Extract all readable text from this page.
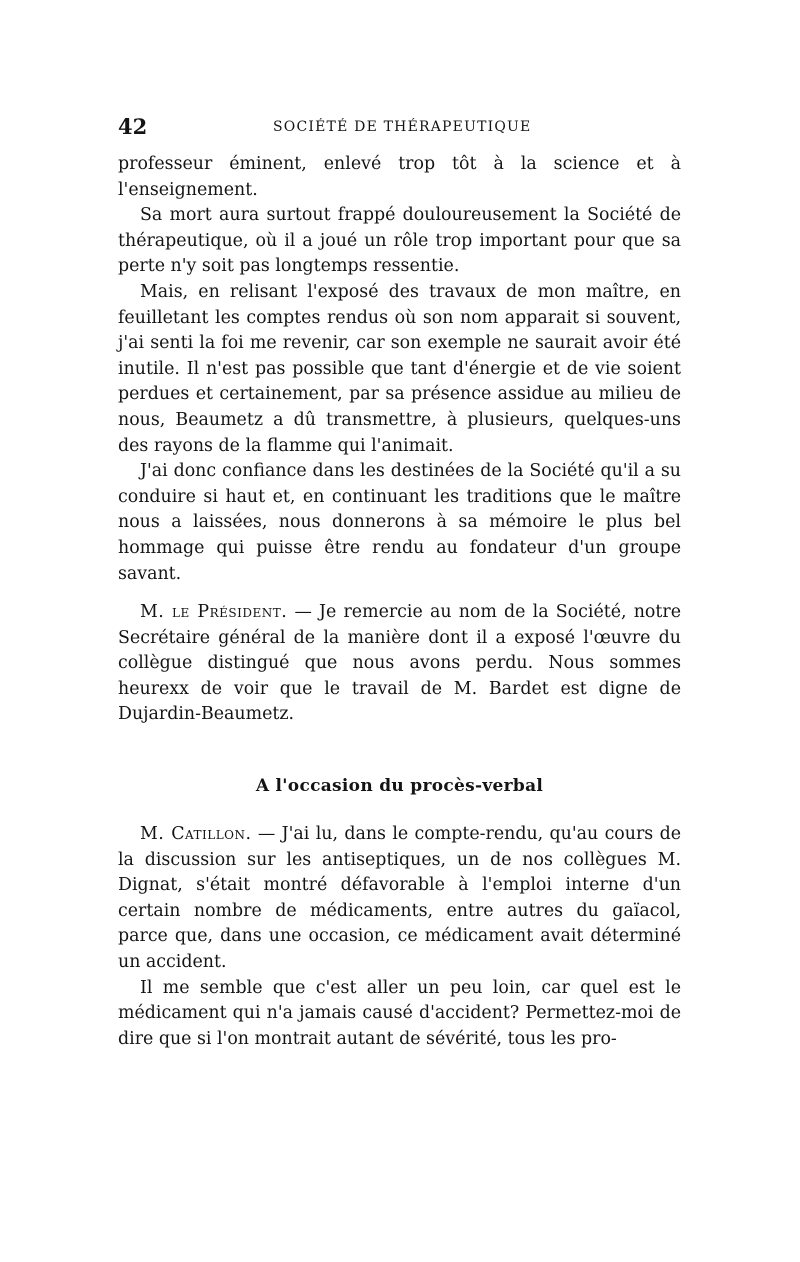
42	SOCIÉTÉ DE THÉRAPEUTIQUE

professeur éminent, enlevé trop tôt à la science et à l'enseignement.

Sa mort aura surtout frappé douloureusement la Société de thérapeutique, où il a joué un rôle trop important pour que sa perte n'y soit pas longtemps ressentie.

Mais, en relisant l'exposé des travaux de mon maître, en feuilletant les comptes rendus où son nom apparait si souvent, j'ai senti la foi me revenir, car son exemple ne saurait avoir été inutile. Il n'est pas possible que tant d'énergie et de vie soient perdues et certainement, par sa présence assidue au milieu de nous, Beaumetz a dû transmettre, à plusieurs, quelques-uns des rayons de la flamme qui l'animait.

J'ai donc confiance dans les destinées de la Société qu'il a su conduire si haut et, en continuant les traditions que le maître nous a laissées, nous donnerons à sa mémoire le plus bel hommage qui puisse être rendu au fondateur d'un groupe savant.

M. le Président. — Je remercie au nom de la Société, notre Secrétaire général de la manière dont il a exposé l'œuvre du collègue distingué que nous avons perdu. Nous sommes heurexx de voir que le travail de M. Bardet est digne de Dujardin-Beaumetz.

A l'occasion du procès-verbal

M. Catillon. — J'ai lu, dans le compte-rendu, qu'au cours de la discussion sur les antiseptiques, un de nos collègues M. Dignat, s'était montré défavorable à l'emploi interne d'un certain nombre de médicaments, entre autres du gaïacol, parce que, dans une occasion, ce médicament avait déterminé un accident.

Il me semble que c'est aller un peu loin, car quel est le médicament qui n'a jamais causé d'accident? Permettez-moi de dire que si l'on montrait autant de sévérité, tous les pro-
